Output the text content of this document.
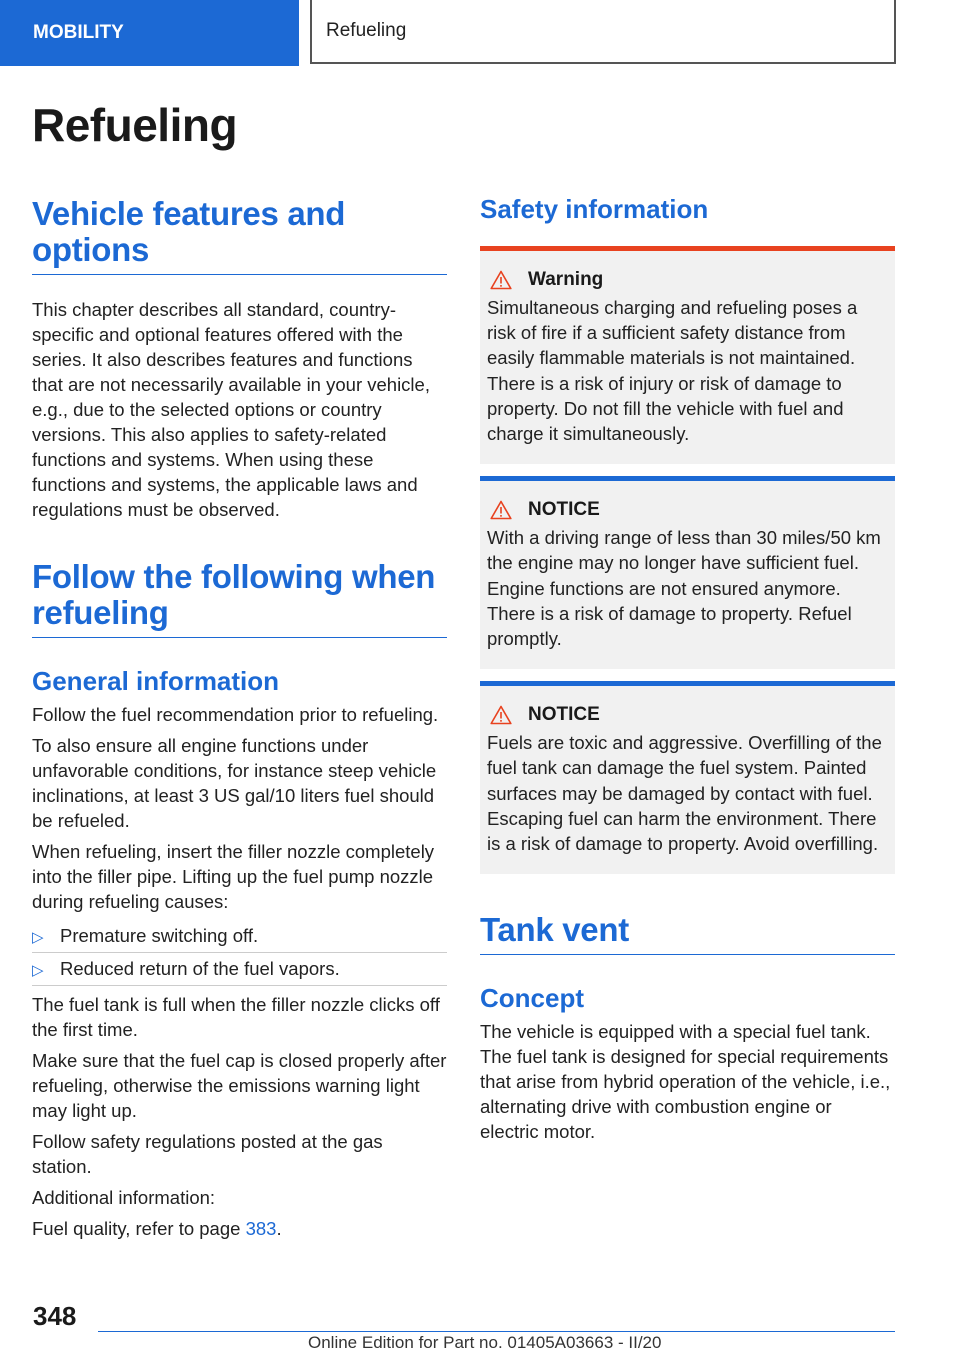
MOBILITY	Refueling
Refueling
Vehicle features and options

This chapter describes all standard, country-specific and optional features offered with the series. It also describes features and functions that are not necessarily available in your vehicle, e.g., due to the selected options or country versions. This also applies to safety-related functions and systems. When using these functions and systems, the applicable laws and regulations must be observed.

Follow the following when refueling
General information

Follow the fuel recommendation prior to refueling.

To also ensure all engine functions under unfavorable conditions, for instance steep vehicle inclinations, at least 3 US gal/10 liters fuel should be refueled.

When refueling, insert the filler nozzle completely into the filler pipe. Lifting up the fuel pump nozzle during refueling causes:

▷ Premature switching off.
▷ Reduced return of the fuel vapors.

The fuel tank is full when the filler nozzle clicks off the first time.

Make sure that the fuel cap is closed properly after refueling, otherwise the emissions warning light may light up.

Follow safety regulations posted at the gas station.

Additional information:

Fuel quality, refer to page 383.

Safety information
Warning

Simultaneous charging and refueling poses a risk of fire if a sufficient safety distance from easily flammable materials is not maintained. There is a risk of injury or risk of damage to property. Do not fill the vehicle with fuel and charge it simultaneously.

NOTICE

With a driving range of less than 30 miles/50 km the engine may no longer have sufficient fuel. Engine functions are not ensured anymore. There is a risk of damage to property. Refuel promptly.

NOTICE

Fuels are toxic and aggressive. Overfilling of the fuel tank can damage the fuel system. Painted surfaces may be damaged by contact with fuel. Escaping fuel can harm the environment. There is a risk of damage to property. Avoid overfilling.

Tank vent
Concept

The vehicle is equipped with a special fuel tank. The fuel tank is designed for special requirements that arise from hybrid operation of the vehicle, i.e., alternating drive with combustion engine or electric motor.

348
Online Edition for Part no. 01405A03663 - II/20
